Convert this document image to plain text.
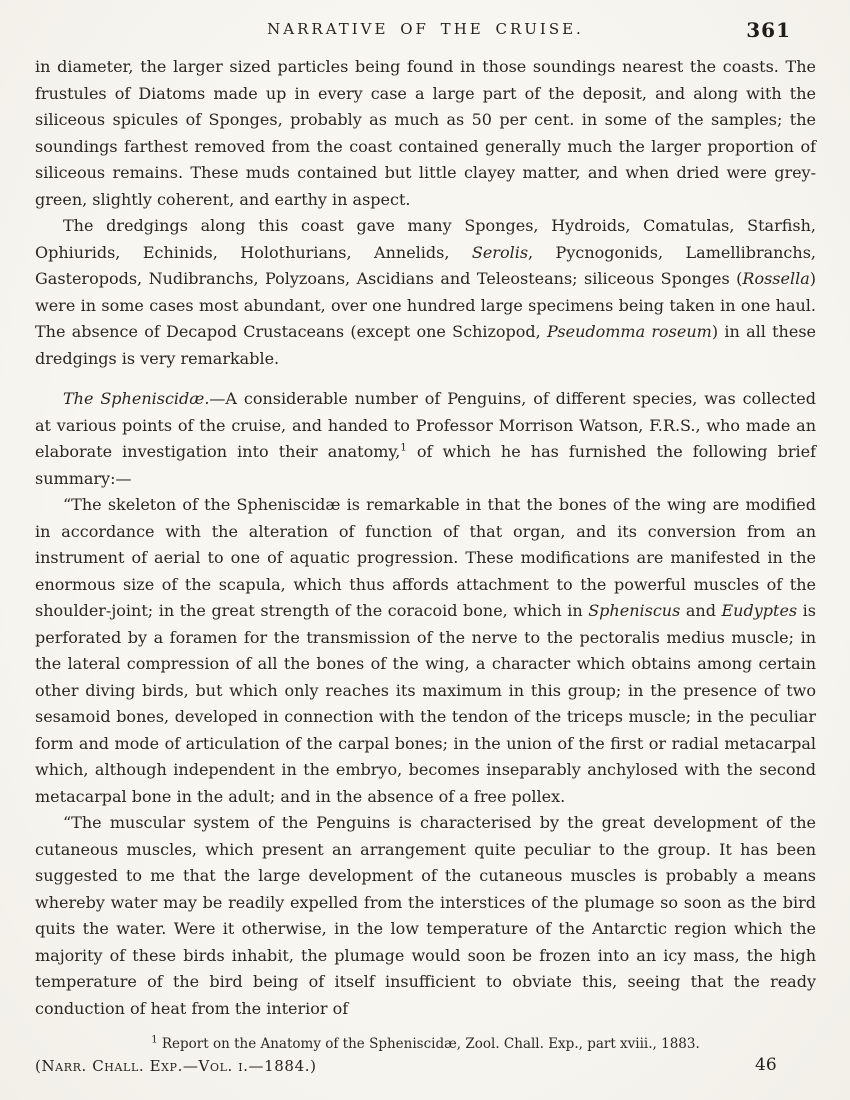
NARRATIVE OF THE CRUISE.	361

in diameter, the larger sized particles being found in those soundings nearest the coasts. The frustules of Diatoms made up in every case a large part of the deposit, and along with the siliceous spicules of Sponges, probably as much as 50 per cent. in some of the samples; the soundings farthest removed from the coast contained generally much the larger proportion of siliceous remains. These muds contained but little clayey matter, and when dried were grey-green, slightly coherent, and earthy in aspect.

The dredgings along this coast gave many Sponges, Hydroids, Comatulas, Starfish, Ophiurids, Echinids, Holothurians, Annelids, Serolis, Pycnogonids, Lamellibranchs, Gasteropods, Nudibranchs, Polyzoans, Ascidians and Teleosteans; siliceous Sponges (Rossella) were in some cases most abundant, over one hundred large specimens being taken in one haul. The absence of Decapod Crustaceans (except one Schizopod, Pseudomma roseum) in all these dredgings is very remarkable.

The Spheniscidæ.—A considerable number of Penguins, of different species, was collected at various points of the cruise, and handed to Professor Morrison Watson, F.R.S., who made an elaborate investigation into their anatomy,$^1$ of which he has furnished the following brief summary:—

“The skeleton of the Spheniscidæ is remarkable in that the bones of the wing are modified in accordance with the alteration of function of that organ, and its conversion from an instrument of aerial to one of aquatic progression. These modifications are manifested in the enormous size of the scapula, which thus affords attachment to the powerful muscles of the shoulder-joint; in the great strength of the coracoid bone, which in Spheniscus and Eudyptes is perforated by a foramen for the transmission of the nerve to the pectoralis medius muscle; in the lateral compression of all the bones of the wing, a character which obtains among certain other diving birds, but which only reaches its maximum in this group; in the presence of two sesamoid bones, developed in connection with the tendon of the triceps muscle; in the peculiar form and mode of articulation of the carpal bones; in the union of the first or radial metacarpal which, although independent in the embryo, becomes inseparably anchylosed with the second metacarpal bone in the adult; and in the absence of a free pollex.

“The muscular system of the Penguins is characterised by the great development of the cutaneous muscles, which present an arrangement quite peculiar to the group. It has been suggested to me that the large development of the cutaneous muscles is probably a means whereby water may be readily expelled from the interstices of the plumage so soon as the bird quits the water. Were it otherwise, in the low temperature of the Antarctic region which the majority of these birds inhabit, the plumage would soon be frozen into an icy mass, the high temperature of the bird being of itself insufficient to obviate this, seeing that the ready conduction of heat from the interior of

$^1$ Report on the Anatomy of the Spheniscidæ, Zool. Chall. Exp., part xviii., 1883.
(Narr. Chall. Exp.—Vol. i.—1884.)	46
